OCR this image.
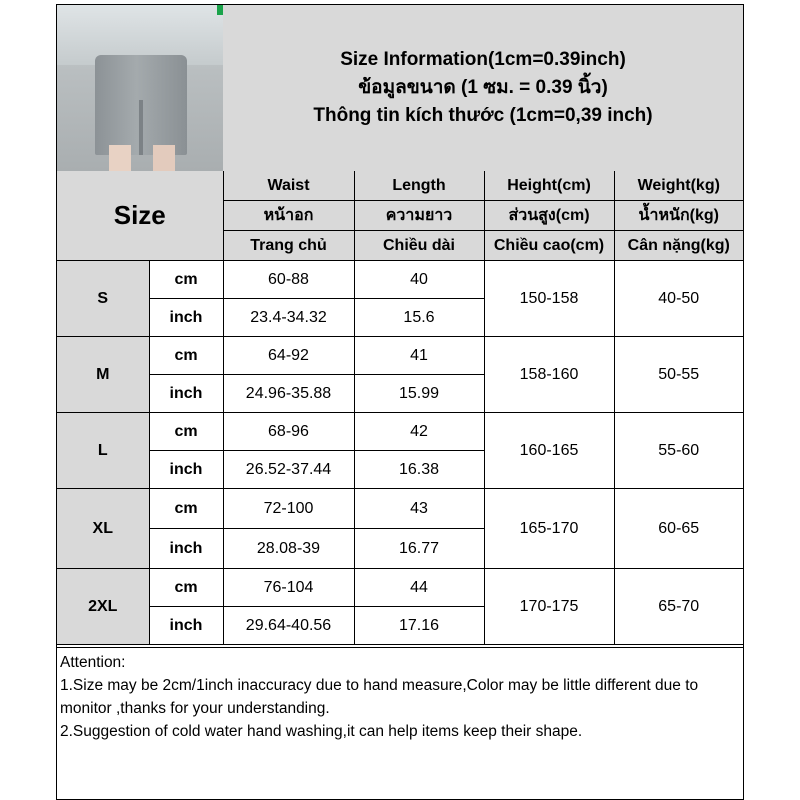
Size Information(1cm=0.39inch)
ข้อมูลขนาด (1 ซม. = 0.39 นิ้ว)
Thông tin kích thước (1cm=0,39 inch)
Size		Waist	Length	Height(cm)	Weight(kg)
		หน้าอก	ความยาว	ส่วนสูง(cm)	น้ำหนัก(kg)
		Trang chủ	Chiều dài	Chiều cao(cm)	Cân nặng(kg)
S	cm	60-88	40	150-158	40-50
	inch	23.4-34.32	15.6		
M	cm	64-92	41	158-160	50-55
	inch	24.96-35.88	15.99		
L	cm	68-96	42	160-165	55-60
	inch	26.52-37.44	16.38		
XL	cm	72-100	43	165-170	60-65
	inch	28.08-39	16.77		
2XL	cm	76-104	44	170-175	65-70
	inch	29.64-40.56	17.16		
Attention:
1.Size may be 2cm/1inch inaccuracy due to hand measure,Color may be little different due to monitor ,thanks for your understanding.
2.Suggestion of cold water hand washing,it can help items keep their shape.
